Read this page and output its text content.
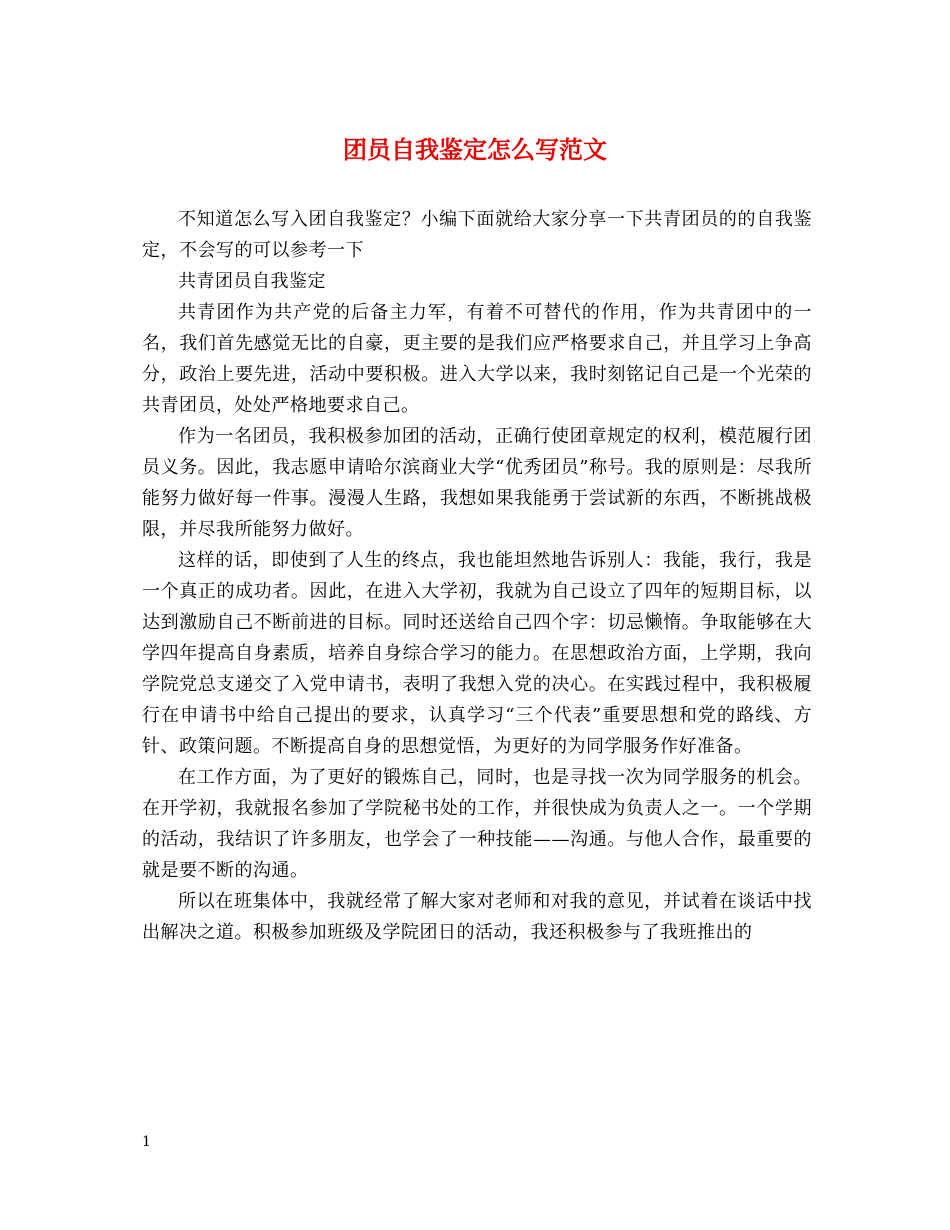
团员自我鉴定怎么写范文

不知道怎么写入团自我鉴定？小编下面就给大家分享一下共青团员的的自我鉴定，不会写的可以参考一下

共青团员自我鉴定

共青团作为共产党的后备主力军，有着不可替代的作用，作为共青团中的一名，我们首先感觉无比的自豪，更主要的是我们应严格要求自己，并且学习上争高分，政治上要先进，活动中要积极。进入大学以来，我时刻铭记自己是一个光荣的共青团员，处处严格地要求自己。

作为一名团员，我积极参加团的活动，正确行使团章规定的权利，模范履行团员义务。因此，我志愿申请哈尔滨商业大学“优秀团员”称号。我的原则是：尽我所能努力做好每一件事。漫漫人生路，我想如果我能勇于尝试新的东西，不断挑战极限，并尽我所能努力做好。

这样的话，即使到了人生的终点，我也能坦然地告诉别人：我能，我行，我是一个真正的成功者。因此，在进入大学初，我就为自己设立了四年的短期目标，以达到激励自己不断前进的目标。同时还送给自己四个字：切忌懒惰。争取能够在大学四年提高自身素质，培养自身综合学习的能力。在思想政治方面，上学期，我向学院党总支递交了入党申请书，表明了我想入党的决心。在实践过程中，我积极履行在申请书中给自己提出的要求，认真学习“三个代表”重要思想和党的路线、方针、政策问题。不断提高自身的思想觉悟，为更好的为同学服务作好准备。

在工作方面，为了更好的锻炼自己，同时，也是寻找一次为同学服务的机会。在开学初，我就报名参加了学院秘书处的工作，并很快成为负责人之一。一个学期的活动，我结识了许多朋友，也学会了一种技能——沟通。与他人合作，最重要的就是要不断的沟通。

所以在班集体中，我就经常了解大家对老师和对我的意见，并试着在谈话中找出解决之道。积极参加班级及学院团日的活动，我还积极参与了我班推出的

1
